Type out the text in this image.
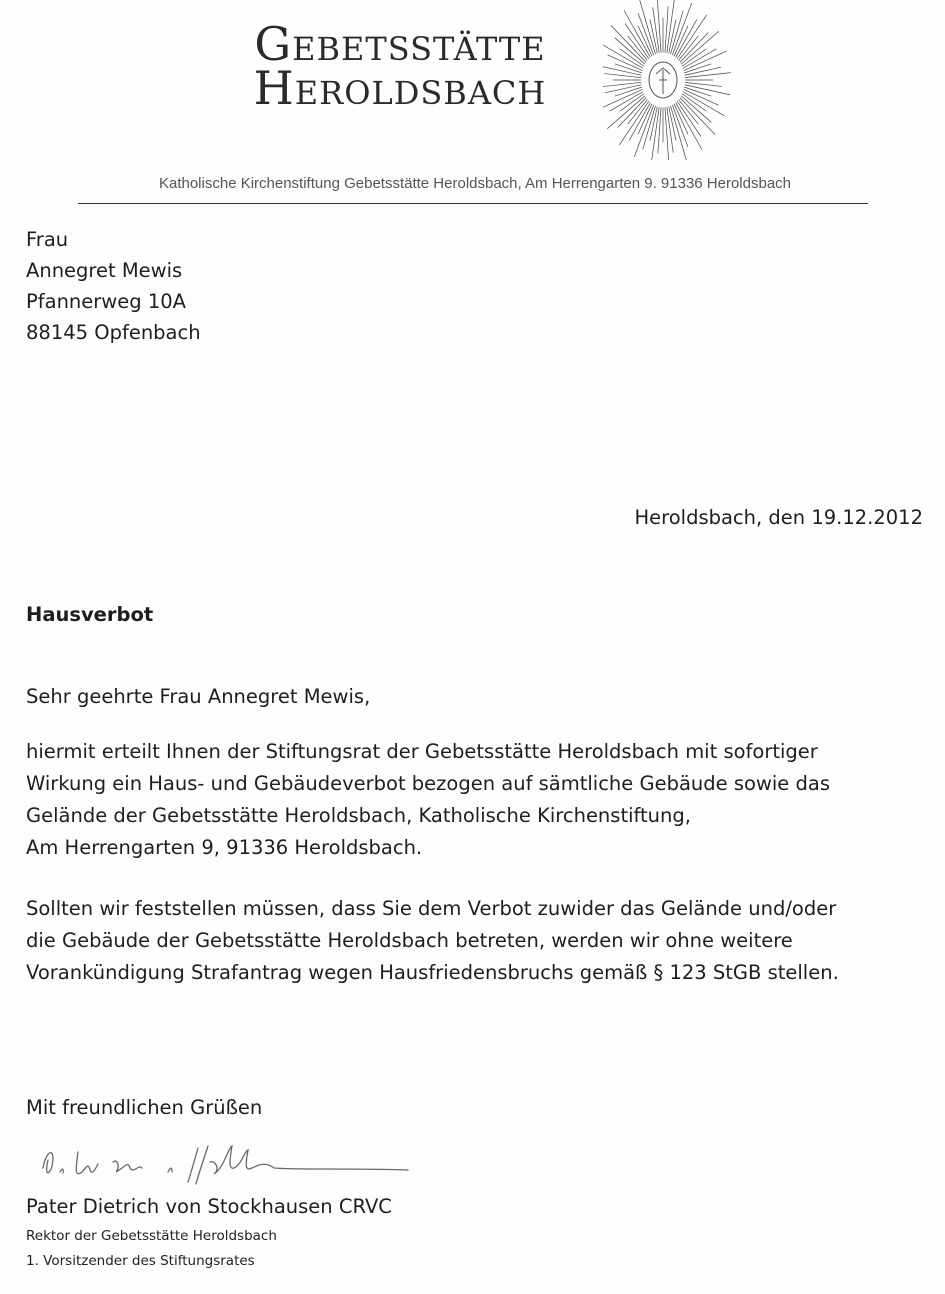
Gebetsstätte
Heroldsbach
Katholische Kirchenstiftung Gebetsstätte Heroldsbach, Am Herrengarten 9. 91336 Heroldsbach
Frau
Annegret Mewis
Pfannerweg 10A
88145 Opfenbach
Heroldsbach, den 19.12.2012
Hausverbot
Sehr geehrte Frau Annegret Mewis,
hiermit erteilt Ihnen der Stiftungsrat der Gebetsstätte Heroldsbach mit sofortiger
Wirkung ein Haus- und Gebäudeverbot bezogen auf sämtliche Gebäude sowie das
Gelände der Gebetsstätte Heroldsbach, Katholische Kirchenstiftung,
Am Herrengarten 9, 91336 Heroldsbach.
Sollten wir feststellen müssen, dass Sie dem Verbot zuwider das Gelände und/oder
die Gebäude der Gebetsstätte Heroldsbach betreten, werden wir ohne weitere
Vorankündigung Strafantrag wegen Hausfriedensbruchs gemäß § 123 StGB stellen.
Mit freundlichen Grüßen
Pater Dietrich von Stockhausen CRVC
Rektor der Gebetsstätte Heroldsbach
1. Vorsitzender des Stiftungsrates
